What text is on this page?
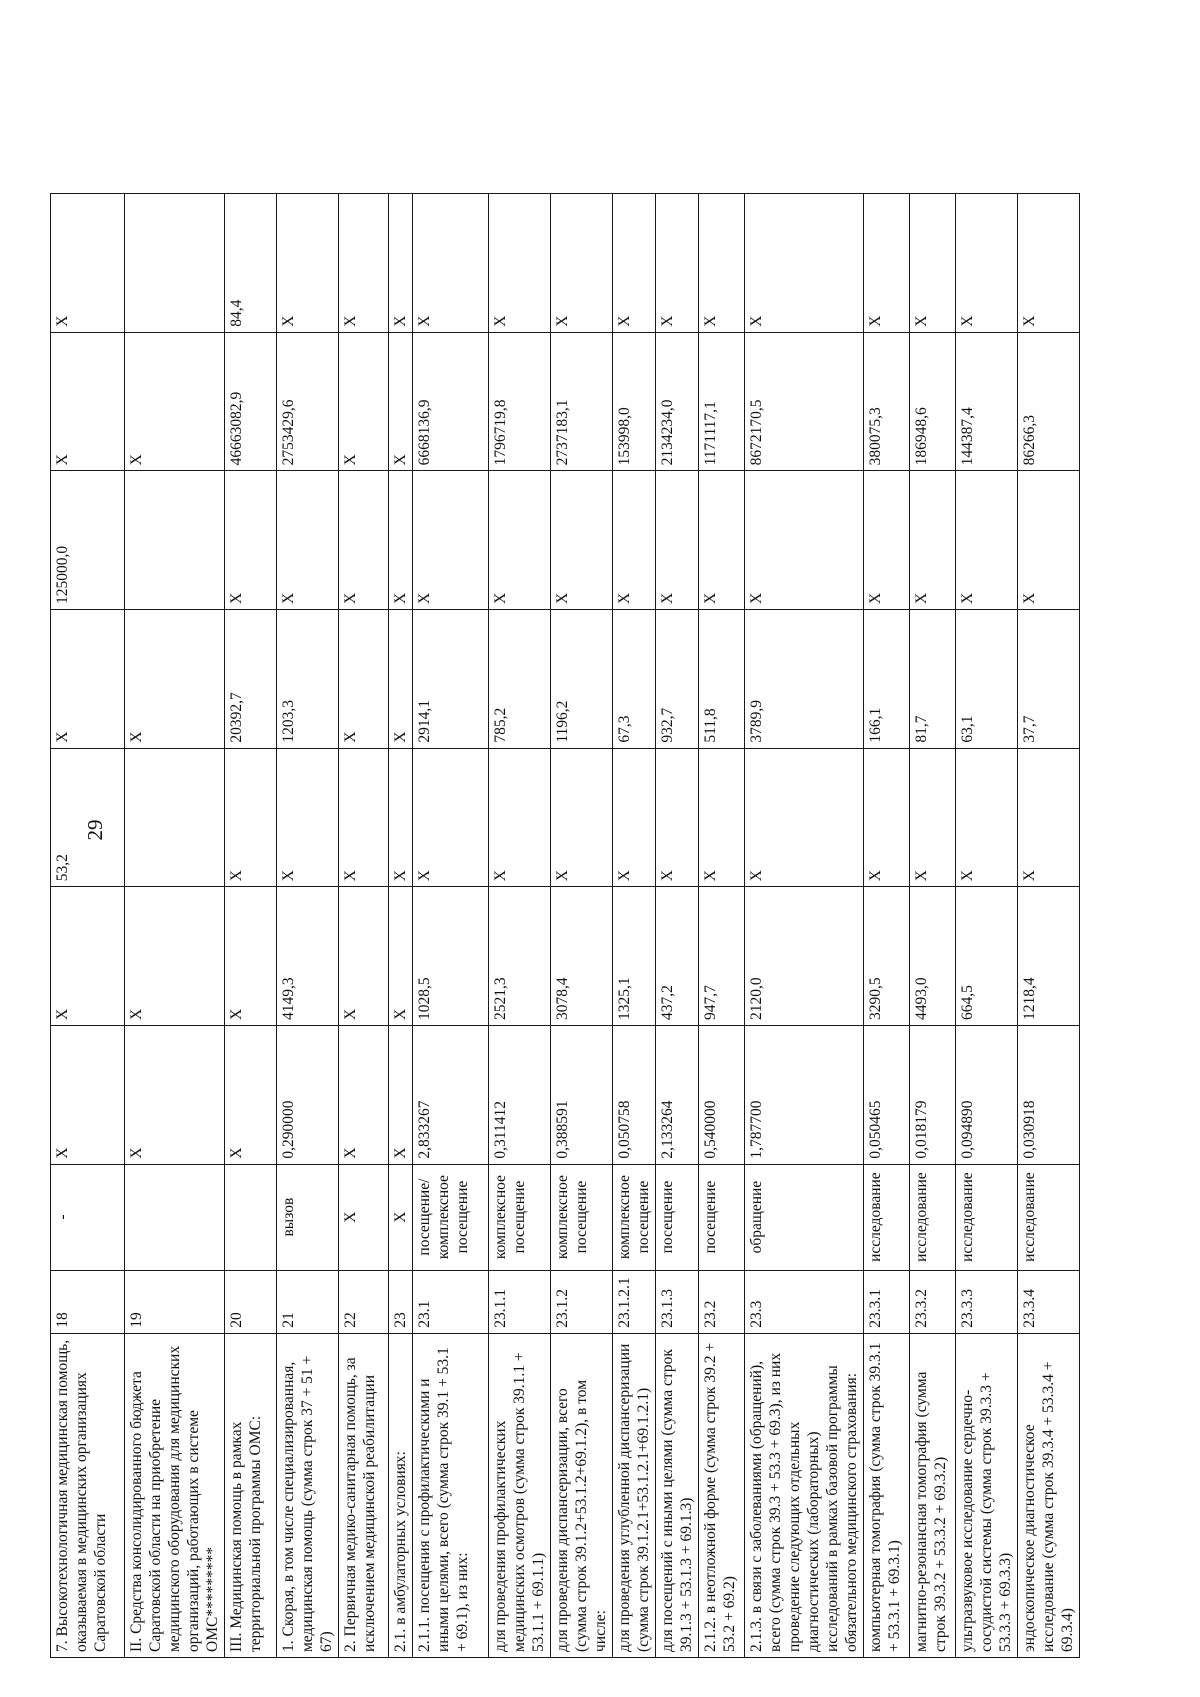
29
7. Высокотехнологичная медицинская помощь, оказываемая в медицинских организациях Саратовской области	18	-	Х	Х	53,2	Х	125000,0	Х	Х
II. Средства консолидированного бюджета Саратовской области на приобретение медицинского оборудования для медицинских организаций, работающих в системе ОМС*********	19		Х	Х		Х		Х	
III. Медицинская помощь в рамках территориальной программы ОМС:	20		Х	Х	Х	20392,7	Х	46663082,9	84,4
1. Скорая, в том числе специализированная, медицинская помощь (сумма строк 37 + 51 + 67)	21	вызов	0,290000	4149,3	Х	1203,3	Х	2753429,6	Х
2. Первичная медико-санитарная помощь, за исключением медицинской реабилитации	22	Х	Х	Х	Х	Х	Х	Х	Х
2.1. в амбулаторных условиях:	23	Х	Х	Х	Х	Х	Х	Х	Х
2.1.1. посещения с профилактическими и иными целями, всего (сумма строк 39.1 + 53.1 + 69.1), из них:	23.1	посещение/ комплексное посещение	2,833267	1028,5	Х	2914,1	Х	6668136,9	Х
для проведения профилактических медицинских осмотров (сумма строк 39.1.1 + 53.1.1 + 69.1.1)	23.1.1	комплексное посещение	0,311412	2521,3	Х	785,2	Х	1796719,8	Х
для проведения диспансеризации, всего (сумма строк 39.1.2+53.1.2+69.1.2), в том числе:	23.1.2	комплексное посещение	0,388591	3078,4	Х	1196,2	Х	2737183,1	Х
для проведения углубленной диспансеризации (сумма строк 39.1.2.1+53.1.2.1+69.1.2.1)	23.1.2.1	комплексное посещение	0,050758	1325,1	Х	67,3	Х	153998,0	Х
для посещений с иными целями (сумма строк 39.1.3 + 53.1.3 + 69.1.3)	23.1.3	посещение	2,133264	437,2	Х	932,7	Х	2134234,0	Х
2.1.2. в неотложной форме (сумма строк 39.2 + 53.2 + 69.2)	23.2	посещение	0,540000	947,7	Х	511,8	Х	1171117,1	Х
2.1.3. в связи с заболеваниями (обращений), всего (сумма строк 39.3 + 53.3 + 69.3), из них проведение следующих отдельных диагностических (лабораторных) исследований в рамках базовой программы обязательного медицинского страхования:	23.3	обращение	1,787700	2120,0	Х	3789,9	Х	8672170,5	Х
компьютерная томография (сумма строк 39.3.1 + 53.3.1 + 69.3.1)	23.3.1	исследование	0,050465	3290,5	Х	166,1	Х	380075,3	Х
магнитно-резонансная томография (сумма строк 39.3.2 + 53.3.2 + 69.3.2)	23.3.2	исследование	0,018179	4493,0	Х	81,7	Х	186948,6	Х
ультразвуковое исследование сердечно-сосудистой системы (сумма строк 39.3.3 + 53.3.3 + 69.3.3)	23.3.3	исследование	0,094890	664,5	Х	63,1	Х	144387,4	Х
эндоскопическое диагностическое исследование (сумма строк 39.3.4 + 53.3.4 + 69.3.4)	23.3.4	исследование	0,030918	1218,4	Х	37,7	Х	86266,3	Х
